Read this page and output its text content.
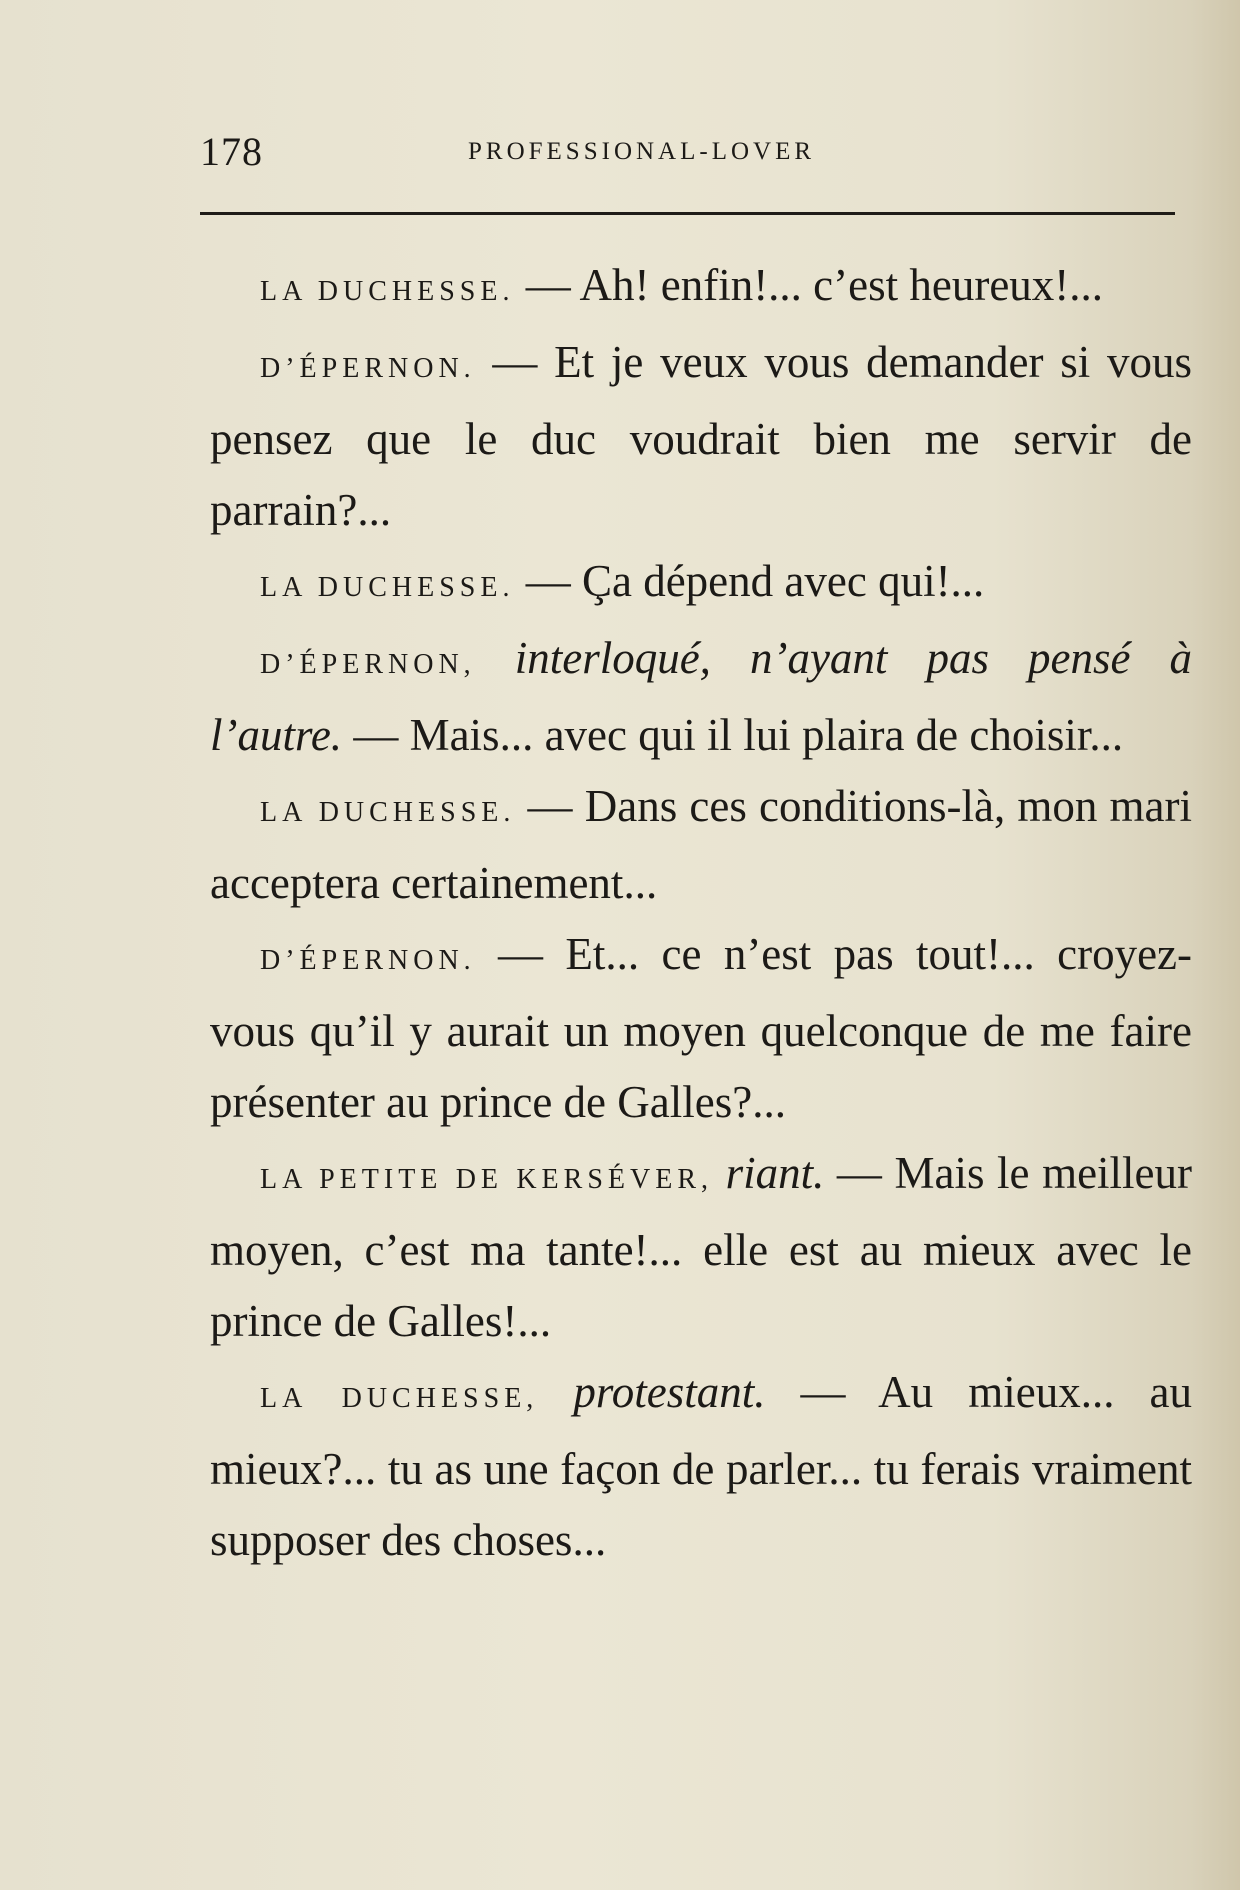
178	PROFESSIONAL-LOVER

LA DUCHESSE. — Ah! enfin!... c’est heureux!...

D’ÉPERNON. — Et je veux vous demander si vous pensez que le duc voudrait bien me servir de parrain?...

LA DUCHESSE. — Ça dépend avec qui!...

D’ÉPERNON, interloqué, n’ayant pas pensé à l’autre. — Mais... avec qui il lui plaira de choisir...

LA DUCHESSE. — Dans ces conditions-là, mon mari acceptera certainement...

D’ÉPERNON. — Et... ce n’est pas tout!... croyez-vous qu’il y aurait un moyen quelconque de me faire présenter au prince de Galles?...

LA PETITE DE KERSÉVER, riant. — Mais le meilleur moyen, c’est ma tante!... elle est au mieux avec le prince de Galles!...

LA DUCHESSE, protestant. — Au mieux... au mieux?... tu as une façon de parler... tu ferais vraiment supposer des choses...
